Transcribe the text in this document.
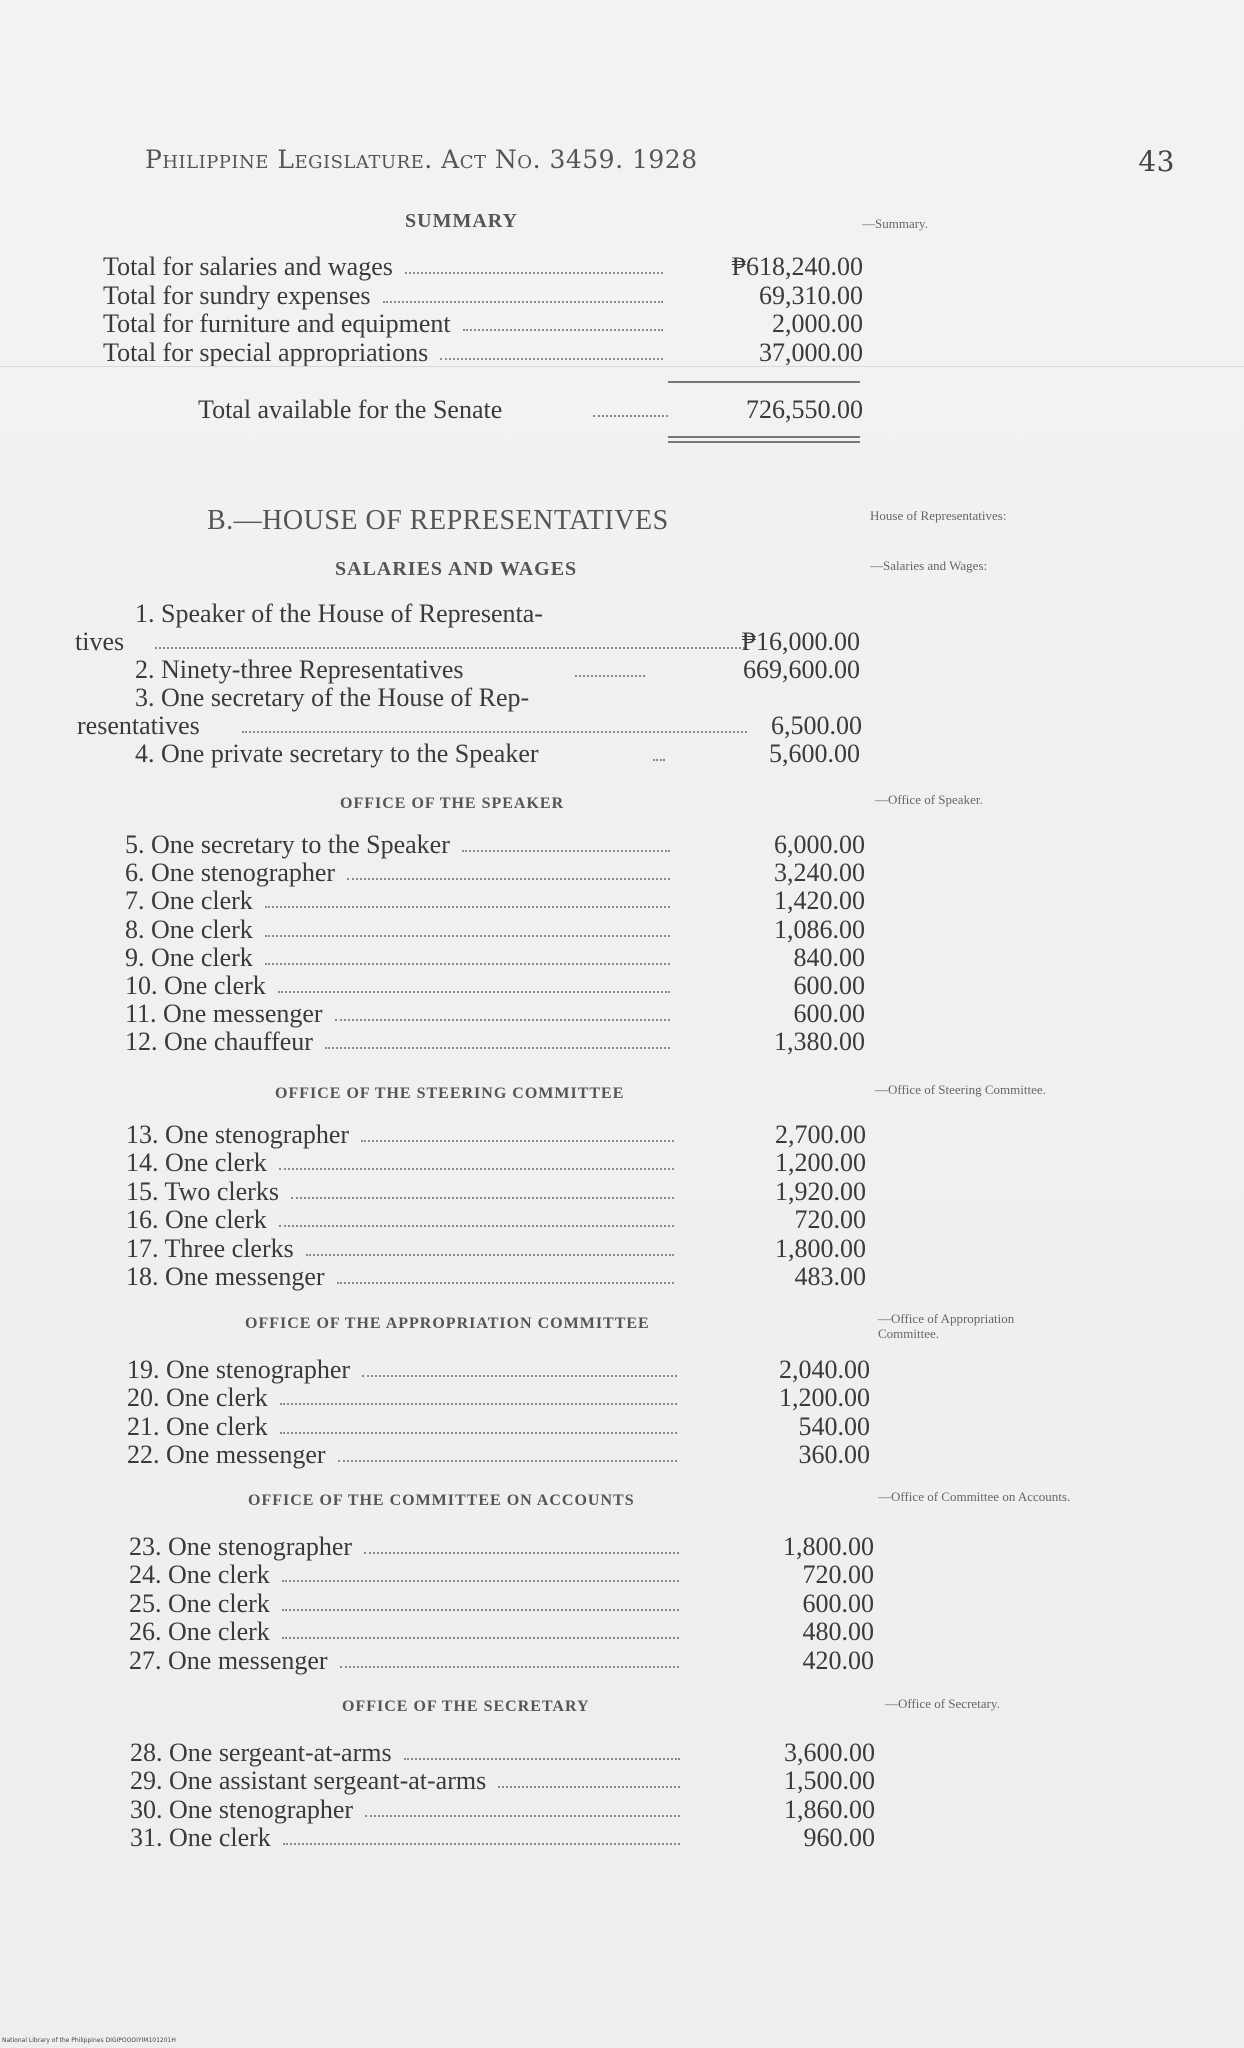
Philippine Legislature. Act No. 3459. 1928	43
SUMMARY	—Summary.
Total for salaries and wages	₱618,240.00
Total for sundry expenses	69,310.00
Total for furniture and equipment	2,000.00
Total for special appropriations	37,000.00
Total available for the Senate	726,550.00
B.—HOUSE OF REPRESENTATIVES	House of Representatives:
SALARIES AND WAGES	—Salaries and Wages:
1. Speaker of the House of Representa-
tives	₱16,000.00
2. Ninety-three Representatives	669,600.00
3. One secretary of the House of Rep-
resentatives	6,500.00
4. One private secretary to the Speaker	5,600.00
OFFICE OF THE SPEAKER	—Office of Speaker.
5. One secretary to the Speaker	6,000.00
6. One stenographer	3,240.00
7. One clerk	1,420.00
8. One clerk	1,086.00
9. One clerk	840.00
10. One clerk	600.00
11. One messenger	600.00
12. One chauffeur	1,380.00
OFFICE OF THE STEERING COMMITTEE	—Office of Steering Committee.
13. One stenographer	2,700.00
14. One clerk	1,200.00
15. Two clerks	1,920.00
16. One clerk	720.00
17. Three clerks	1,800.00
18. One messenger	483.00
OFFICE OF THE APPROPRIATION COMMITTEE	—Office of Appropriation Committee.
19. One stenographer	2,040.00
20. One clerk	1,200.00
21. One clerk	540.00
22. One messenger	360.00
OFFICE OF THE COMMITTEE ON ACCOUNTS	—Office of Committee on Accounts.
23. One stenographer	1,800.00
24. One clerk	720.00
25. One clerk	600.00
26. One clerk	480.00
27. One messenger	420.00
OFFICE OF THE SECRETARY	—Office of Secretary.
28. One sergeant-at-arms	3,600.00
29. One assistant sergeant-at-arms	1,500.00
30. One stenographer	1,860.00
31. One clerk	960.00
National Library of the Philippines DIGIPOOOIYIM101201H
